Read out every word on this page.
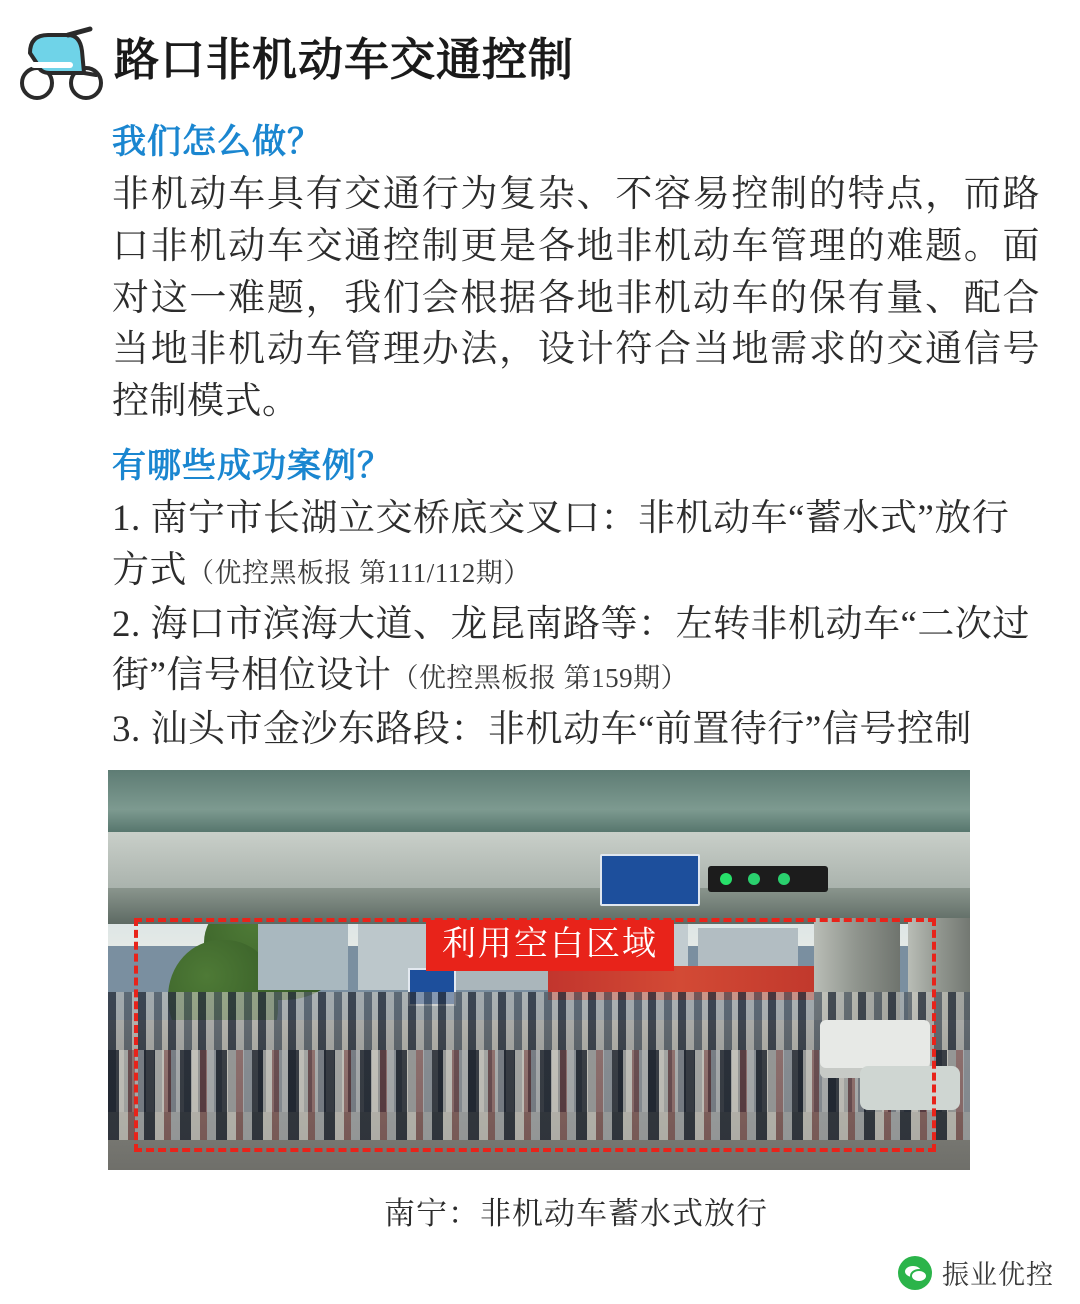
路口非机动车交通控制
我们怎么做？
非机动车具有交通行为复杂、不容易控制的特点，而路口非机动车交通控制更是各地非机动车管理的难题。面对这一难题，我们会根据各地非机动车的保有量、配合当地非机动车管理办法，设计符合当地需求的交通信号控制模式。
有哪些成功案例？
1. 南宁市长湖立交桥底交叉口：非机动车“蓄水式”放行方式（优控黑板报 第111/112期）
2. 海口市滨海大道、龙昆南路等：左转非机动车“二次过街”信号相位设计（优控黑板报 第159期）
3. 汕头市金沙东路段：非机动车“前置待行”信号控制
利用空白区域
南宁：非机动车蓄水式放行
振业优控
